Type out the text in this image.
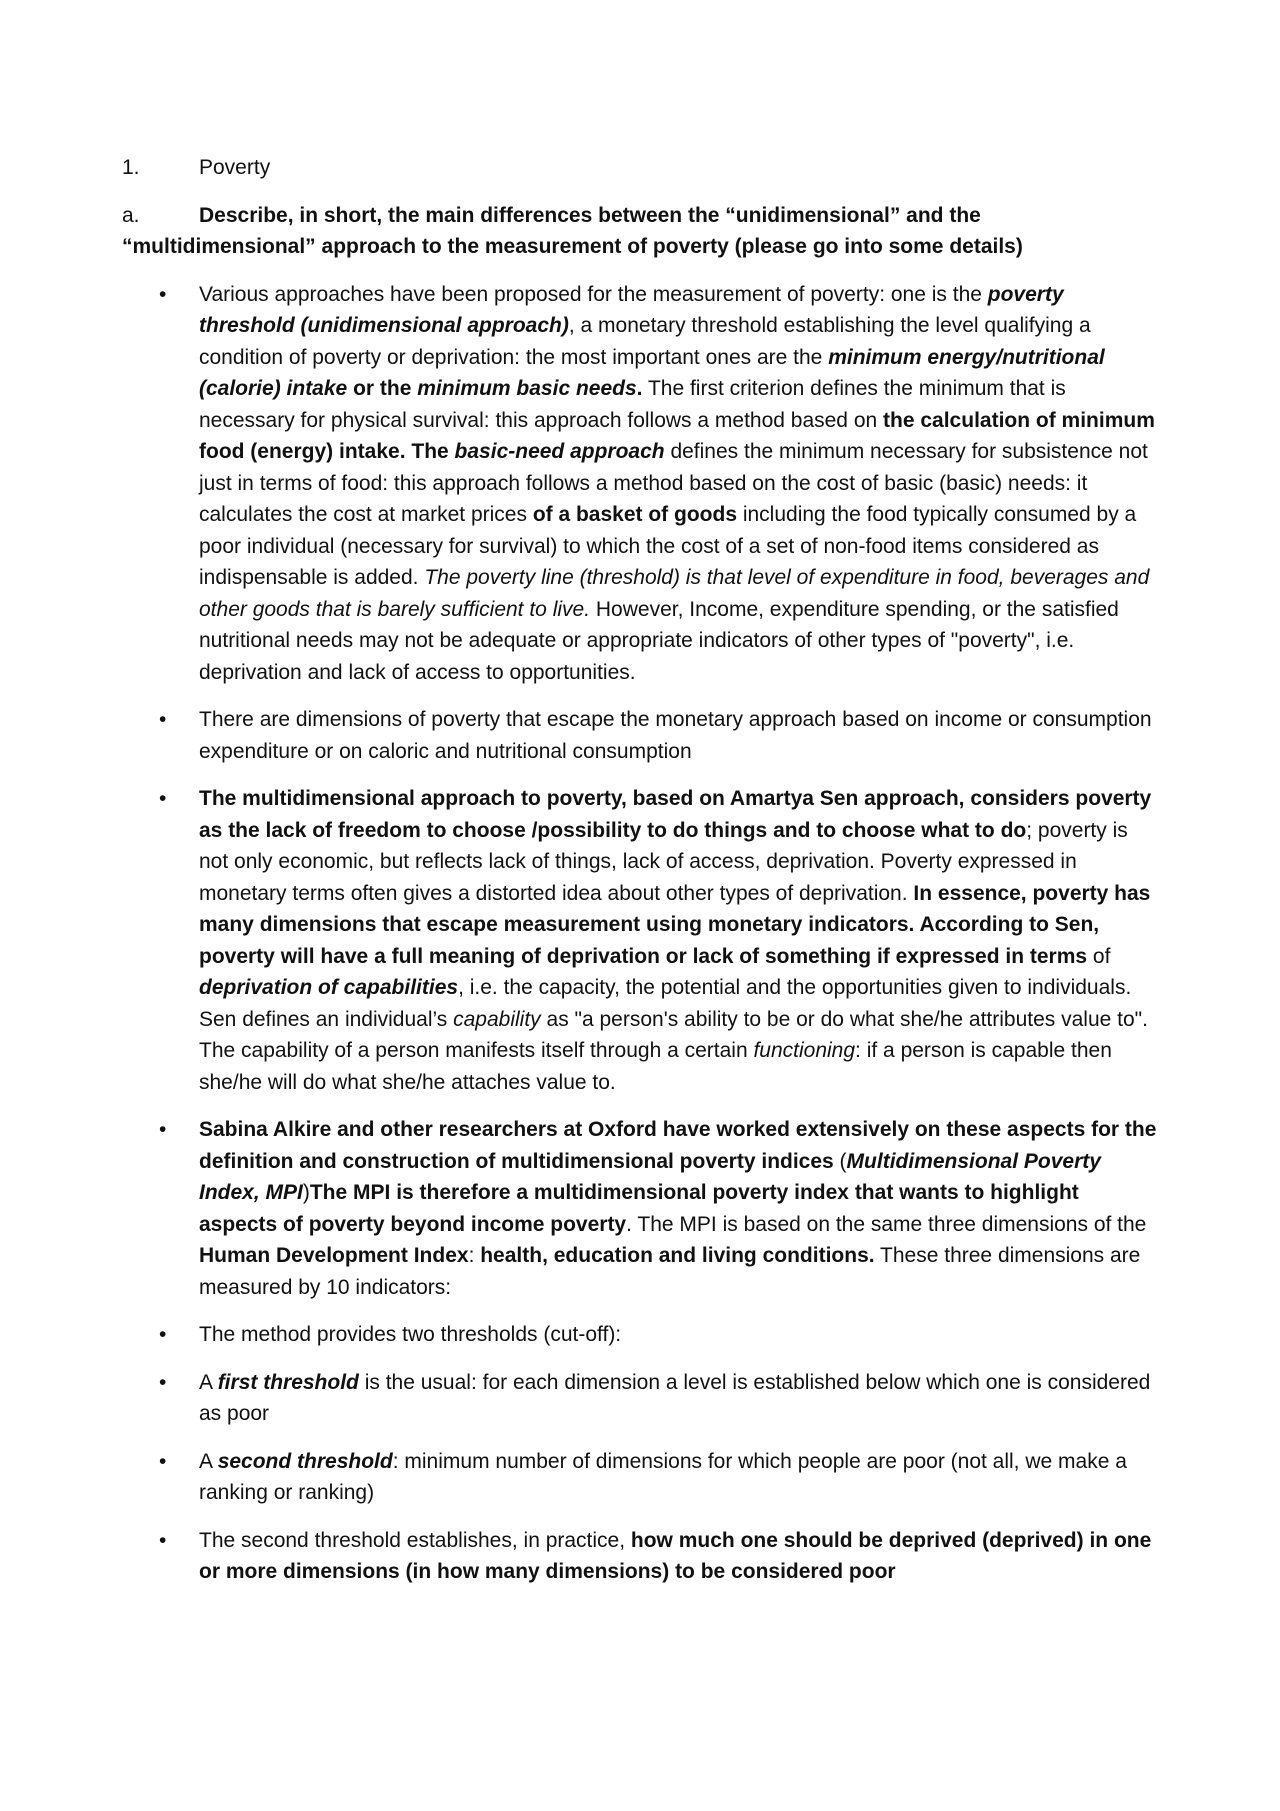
1.	Poverty
a.	Describe, in short, the main differences between the “unidimensional” and the “multidimensional” approach to the measurement of poverty (please go into some details)
• Various approaches have been proposed for the measurement of poverty: one is the poverty threshold (unidimensional approach), a monetary threshold establishing the level qualifying a condition of poverty or deprivation: the most important ones are the minimum energy/nutritional (calorie) intake or the minimum basic needs. The first criterion defines the minimum that is necessary for physical survival: this approach follows a method based on the calculation of minimum food (energy) intake. The basic-need approach defines the minimum necessary for subsistence not just in terms of food: this approach follows a method based on the cost of basic (basic) needs: it calculates the cost at market prices of a basket of goods including the food typically consumed by a poor individual (necessary for survival) to which the cost of a set of non-food items considered as indispensable is added. The poverty line (threshold) is that level of expenditure in food, beverages and other goods that is barely sufficient to live. However, Income, expenditure spending, or the satisfied nutritional needs may not be adequate or appropriate indicators of other types of "poverty", i.e. deprivation and lack of access to opportunities.
• There are dimensions of poverty that escape the monetary approach based on income or consumption expenditure or on caloric and nutritional consumption
• The multidimensional approach to poverty, based on Amartya Sen approach, considers poverty as the lack of freedom to choose /possibility to do things and to choose what to do; poverty is not only economic, but reflects lack of things, lack of access, deprivation. Poverty expressed in monetary terms often gives a distorted idea about other types of deprivation. In essence, poverty has many dimensions that escape measurement using monetary indicators. According to Sen, poverty will have a full meaning of deprivation or lack of something if expressed in terms of deprivation of capabilities, i.e. the capacity, the potential and the opportunities given to individuals. Sen defines an individual’s capability as "a person's ability to be or do what she/he attributes value to". The capability of a person manifests itself through a certain functioning: if a person is capable then she/he will do what she/he attaches value to.
• Sabina Alkire and other researchers at Oxford have worked extensively on these aspects for the definition and construction of multidimensional poverty indices (Multidimensional Poverty Index, MPI)The MPI is therefore a multidimensional poverty index that wants to highlight aspects of poverty beyond income poverty. The MPI is based on the same three dimensions of the Human Development Index: health, education and living conditions. These three dimensions are measured by 10 indicators:
• The method provides two thresholds (cut-off):
• A first threshold is the usual: for each dimension a level is established below which one is considered as poor
• A second threshold: minimum number of dimensions for which people are poor (not all, we make a ranking or ranking)
• The second threshold establishes, in practice, how much one should be deprived (deprived) in one or more dimensions (in how many dimensions) to be considered poor
